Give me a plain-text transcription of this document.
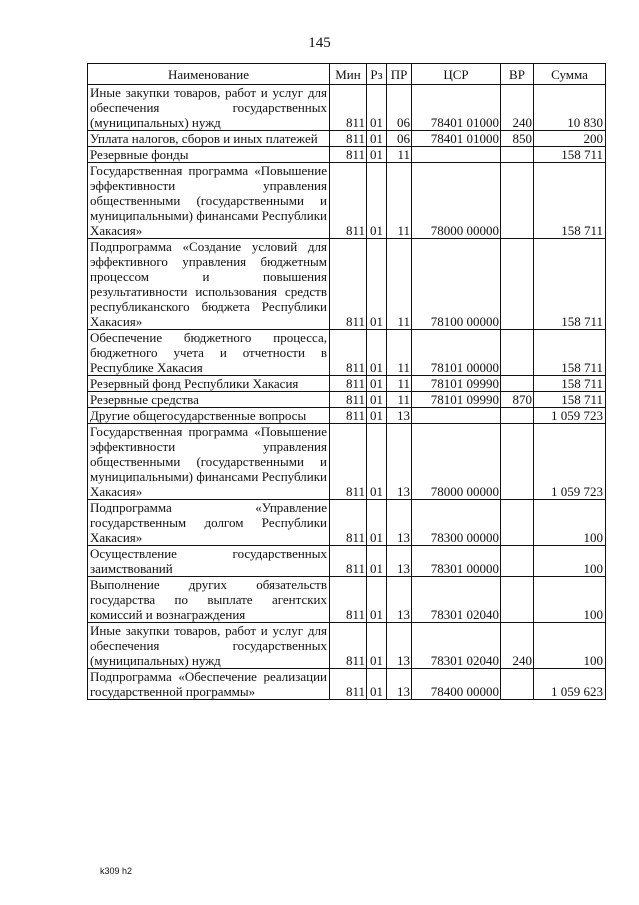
145
Наименование	Мин	Рз	ПР	ЦСР	ВР	Сумма
Иные закупки товаров, работ и услуг для обеспечения государственных (муниципальных) нужд	811	01	06	78401 01000	240	10 830
Уплата налогов, сборов и иных платежей	811	01	06	78401 01000	850	200
Резервные фонды	811	01	11			158 711
Государственная программа «Повышение эффективности управления общественными (государственными и муниципальными) финансами Республики Хакасия»	811	01	11	78000 00000		158 711
Подпрограмма «Создание условий для эффективного управления бюджетным процессом и повышения результативности использования средств республиканского бюджета Республики Хакасия»	811	01	11	78100 00000		158 711
Обеспечение бюджетного процесса, бюджетного учета и отчетности в Республике Хакасия	811	01	11	78101 00000		158 711
Резервный фонд Республики Хакасия	811	01	11	78101 09990		158 711
Резервные средства	811	01	11	78101 09990	870	158 711
Другие общегосударственные вопросы	811	01	13			1 059 723
Государственная программа «Повышение эффективности управления общественными (государственными и муниципальными) финансами Республики Хакасия»	811	01	13	78000 00000		1 059 723
Подпрограмма «Управление государственным долгом Республики Хакасия»	811	01	13	78300 00000		100
Осуществление государственных заимствований	811	01	13	78301 00000		100
Выполнение других обязательств государства по выплате агентских комиссий и вознаграждения	811	01	13	78301 02040		100
Иные закупки товаров, работ и услуг для обеспечения государственных (муниципальных) нужд	811	01	13	78301 02040	240	100
Подпрограмма «Обеспечение реализации государственной программы»	811	01	13	78400 00000		1 059 623
k309 h2
